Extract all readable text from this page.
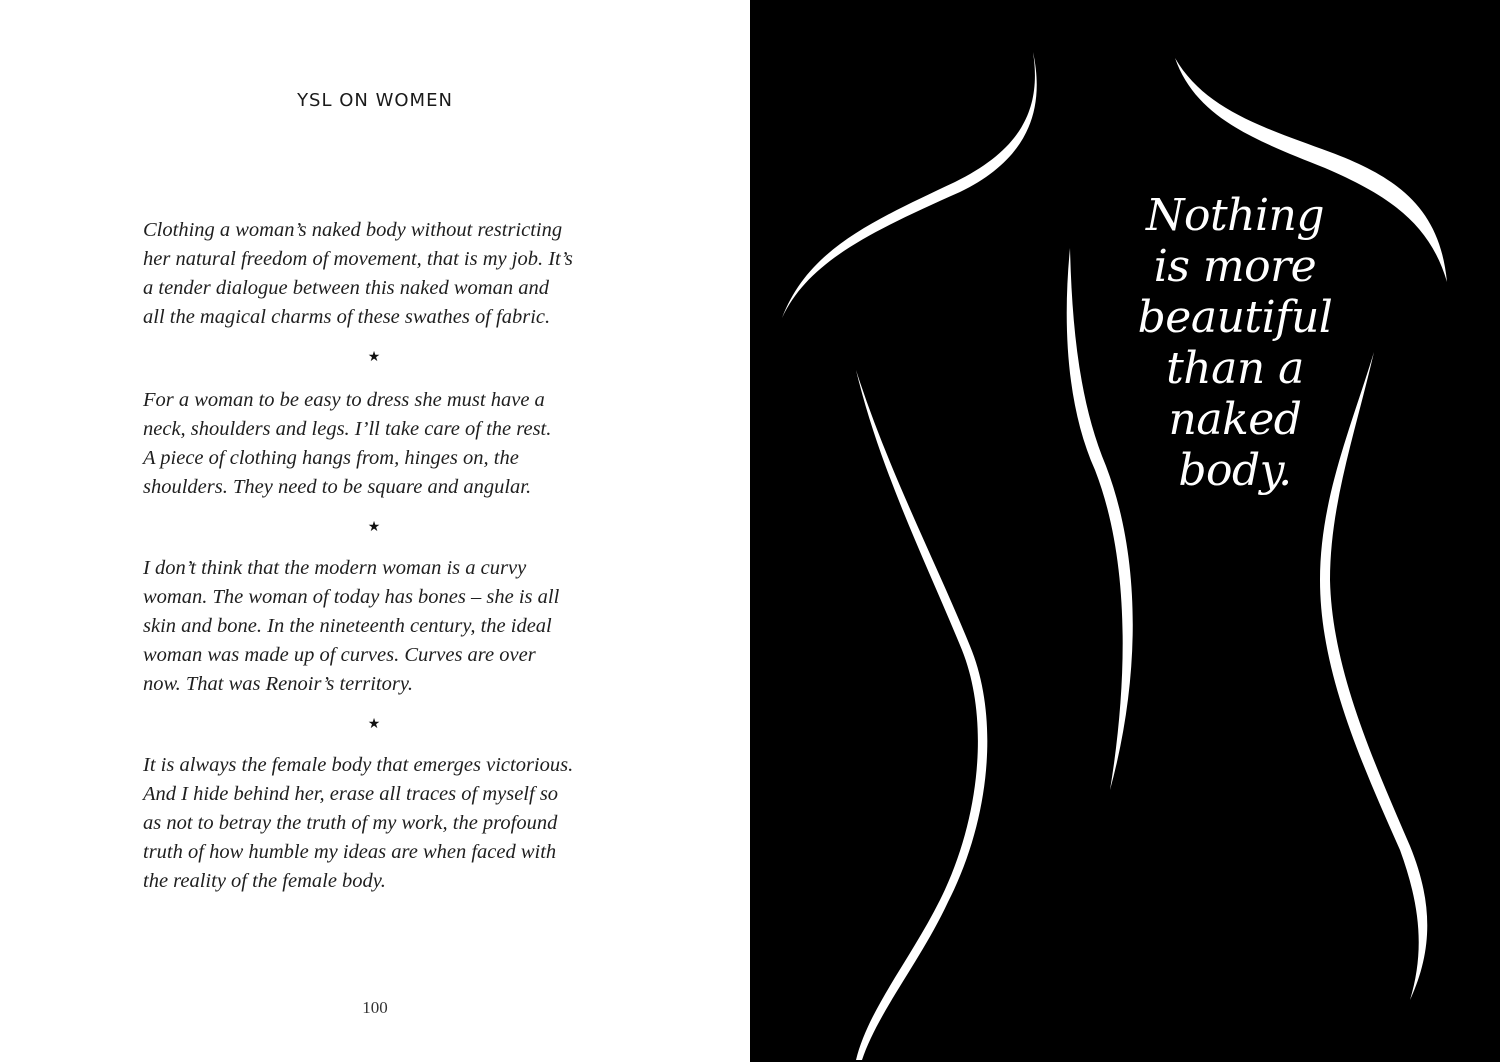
YSL ON WOMEN

Clothing a woman’s naked body without restricting
her natural freedom of movement, that is my job. It’s
a tender dialogue between this naked woman and
all the magical charms of these swathes of fabric.

★

For a woman to be easy to dress she must have a
neck, shoulders and legs. I’ll take care of the rest.
A piece of clothing hangs from, hinges on, the
shoulders. They need to be square and angular.

★

I don’t think that the modern woman is a curvy
woman. The woman of today has bones – she is all
skin and bone. In the nineteenth century, the ideal
woman was made up of curves. Curves are over
now. That was Renoir’s territory.

★

It is always the female body that emerges victorious.
And I hide behind her, erase all traces of myself so
as not to betray the truth of my work, the profound
truth of how humble my ideas are when faced with
the reality of the female body.

100
Nothing
is more
beautiful
than a
naked
body.
